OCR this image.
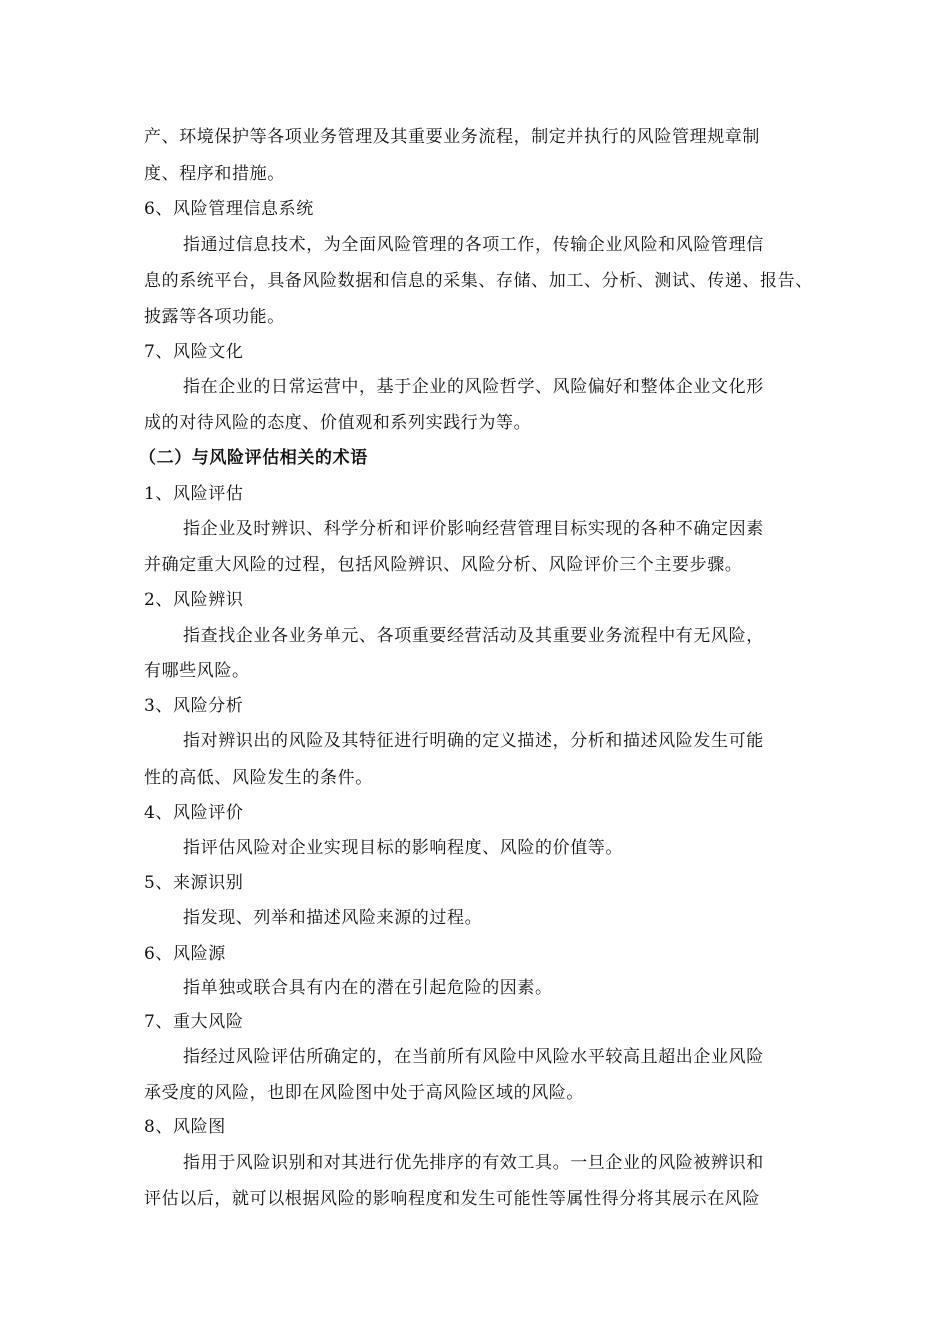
产、环境保护等各项业务管理及其重要业务流程，制定并执行的风险管理规章制
度、程序和措施。
6、风险管理信息系统
指通过信息技术，为全面风险管理的各项工作，传输企业风险和风险管理信
息的系统平台，具备风险数据和信息的采集、存储、加工、分析、测试、传递、报告、
披露等各项功能。
7、风险文化
指在企业的日常运营中，基于企业的风险哲学、风险偏好和整体企业文化形
成的对待风险的态度、价值观和系列实践行为等。
（二）与风险评估相关的术语
1、风险评估
指企业及时辨识、科学分析和评价影响经营管理目标实现的各种不确定因素
并确定重大风险的过程，包括风险辨识、风险分析、风险评价三个主要步骤。
2、风险辨识
指查找企业各业务单元、各项重要经营活动及其重要业务流程中有无风险，
有哪些风险。
3、风险分析
指对辨识出的风险及其特征进行明确的定义描述，分析和描述风险发生可能
性的高低、风险发生的条件。
4、风险评价
指评估风险对企业实现目标的影响程度、风险的价值等。
5、来源识别
指发现、列举和描述风险来源的过程。
6、风险源
指单独或联合具有内在的潜在引起危险的因素。
7、重大风险
指经过风险评估所确定的，在当前所有风险中风险水平较高且超出企业风险
承受度的风险，也即在风险图中处于高风险区域的风险。
8、风险图
指用于风险识别和对其进行优先排序的有效工具。一旦企业的风险被辨识和
评估以后，就可以根据风险的影响程度和发生可能性等属性得分将其展示在风险
